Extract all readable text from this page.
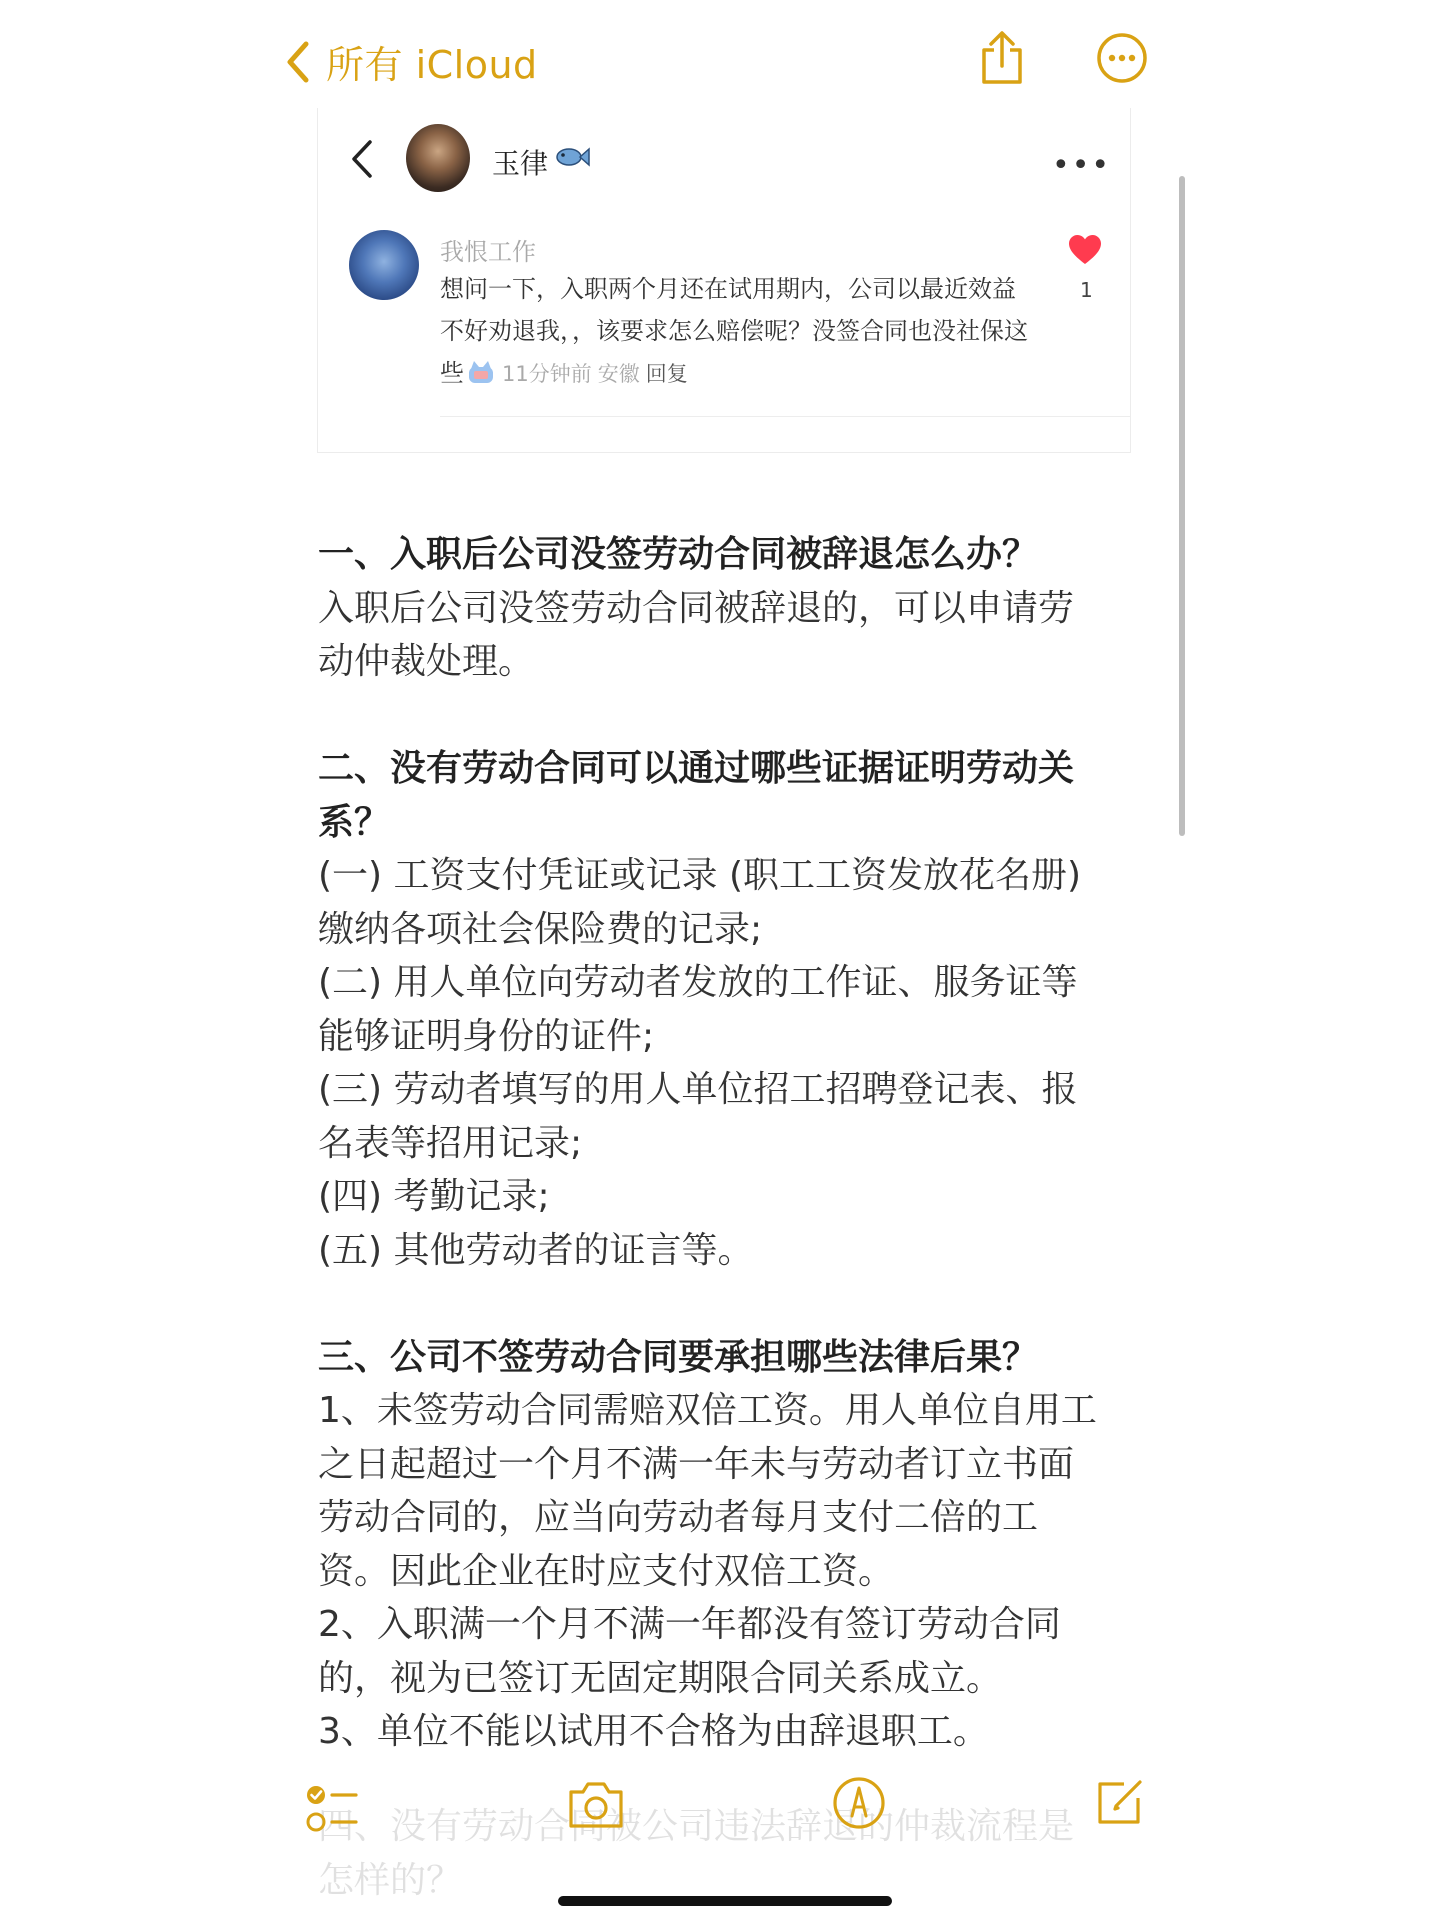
所有 iCloud
玉律	•••
我恨工作
想问一下，入职两个月还在试用期内，公司以最近效益不好劝退我，，该要求怎么赔偿呢？没签合同也没社保这些 11分钟前 安徽 回复
1

一、入职后公司没签劳动合同被辞退怎么办？

入职后公司没签劳动合同被辞退的，可以申请劳

动仲裁处理。

二、没有劳动合同可以通过哪些证据证明劳动关

系？

(一) 工资支付凭证或记录 (职工工资发放花名册)

缴纳各项社会保险费的记录;

(二) 用人单位向劳动者发放的工作证、服务证等

能够证明身份的证件;

(三) 劳动者填写的用人单位招工招聘登记表、报

名表等招用记录;

(四) 考勤记录;

(五) 其他劳动者的证言等。

三、公司不签劳动合同要承担哪些法律后果？

1、未签劳动合同需赔双倍工资。用人单位自用工

之日起超过一个月不满一年未与劳动者订立书面

劳动合同的，应当向劳动者每月支付二倍的工

资。因此企业在时应支付双倍工资。

2、入职满一个月不满一年都没有签订劳动合同

的，视为已签订无固定期限合同关系成立。

3、单位不能以试用不合格为由辞退职工。

四、没有劳动合同被公司违法辞退的仲裁流程是

怎样的？
